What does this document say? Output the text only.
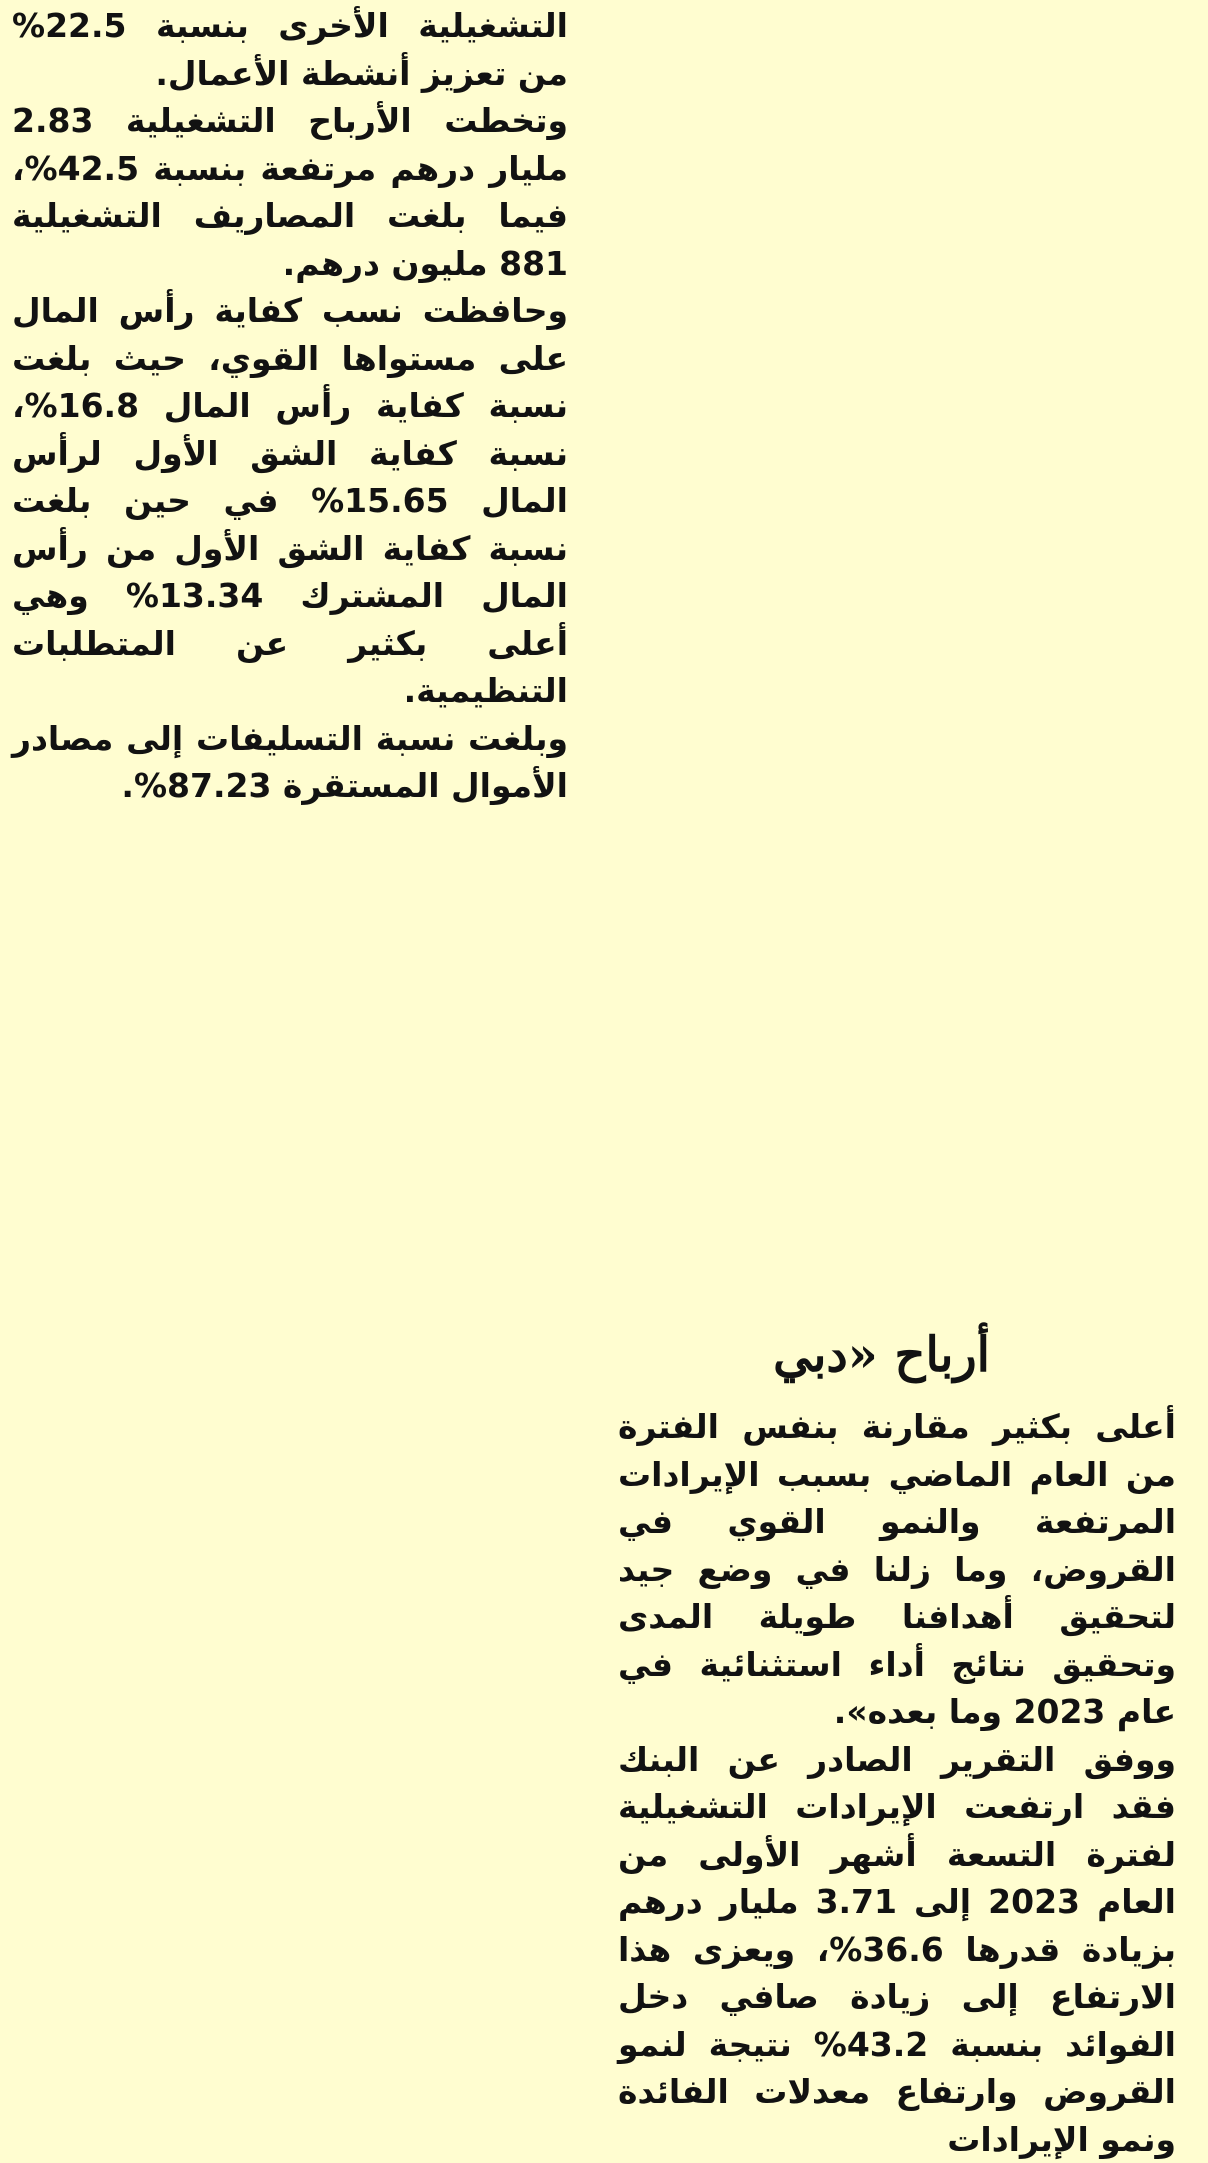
التشغيلية الأخرى بنسبة 22.5% من تعزيز أنشطة الأعمال.

وتخطت الأرباح التشغيلية 2.83 مليار درهم مرتفعة بنسبة 42.5%، فيما بلغت المصاريف التشغيلية 881 مليون درهم.

وحافظت نسب كفاية رأس المال على مستواها القوي، حيث بلغت نسبة كفاية رأس المال 16.8%، نسبة كفاية الشق الأول لرأس المال 15.65% في حين بلغت نسبة كفاية الشق الأول من رأس المال المشترك 13.34% وهي أعلى بكثير عن المتطلبات التنظيمية.

وبلغت نسبة التسليفات إلى مصادر الأموال المستقرة 87.23%.

أرباح «دبي

أعلى بكثير مقارنة بنفس الفترة من العام الماضي بسبب الإيرادات المرتفعة والنمو القوي في القروض، وما زلنا في وضع جيد لتحقيق أهدافنا طويلة المدى وتحقيق نتائج أداء استثنائية في عام 2023 وما بعده».

ووفق التقرير الصادر عن البنك فقد ارتفعت الإيرادات التشغيلية لفترة التسعة أشهر الأولى من العام 2023 إلى 3.71 مليار درهم بزيادة قدرها 36.6%، ويعزى هذا الارتفاع إلى زيادة صافي دخل الفوائد بنسبة 43.2% نتيجة لنمو القروض وارتفاع معدلات الفائدة ونمو الإيرادات
